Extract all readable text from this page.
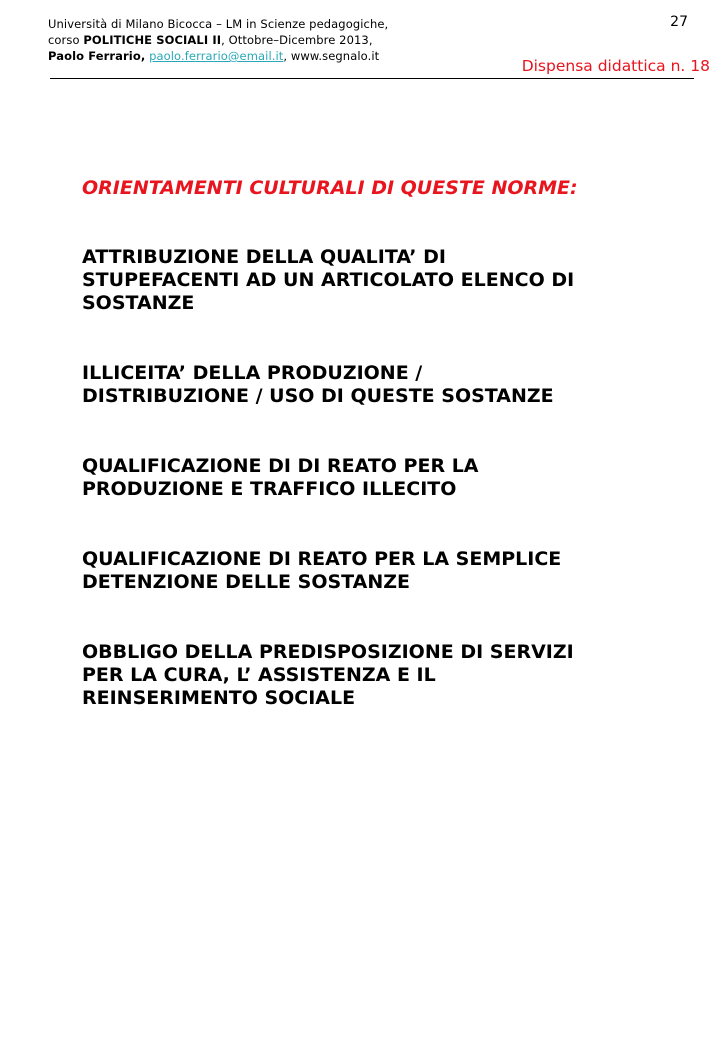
27
Università di Milano Bicocca – LM in Scienze pedagogiche,
corso POLITICHE SOCIALI II, Ottobre–Dicembre 2013,
Paolo Ferrario, paolo.ferrario@email.it, www.segnalo.it
Dispensa didattica n. 18
ORIENTAMENTI CULTURALI DI QUESTE NORME:
ATTRIBUZIONE DELLA QUALITA’ DI
STUPEFACENTI AD UN ARTICOLATO ELENCO DI
SOSTANZE
ILLICEITA’ DELLA PRODUZIONE /
DISTRIBUZIONE / USO DI QUESTE SOSTANZE
QUALIFICAZIONE DI DI REATO PER LA
PRODUZIONE E TRAFFICO ILLECITO
QUALIFICAZIONE DI REATO PER LA SEMPLICE
DETENZIONE DELLE SOSTANZE
OBBLIGO DELLA PREDISPOSIZIONE DI SERVIZI
PER LA CURA, L’ ASSISTENZA E IL
REINSERIMENTO SOCIALE
